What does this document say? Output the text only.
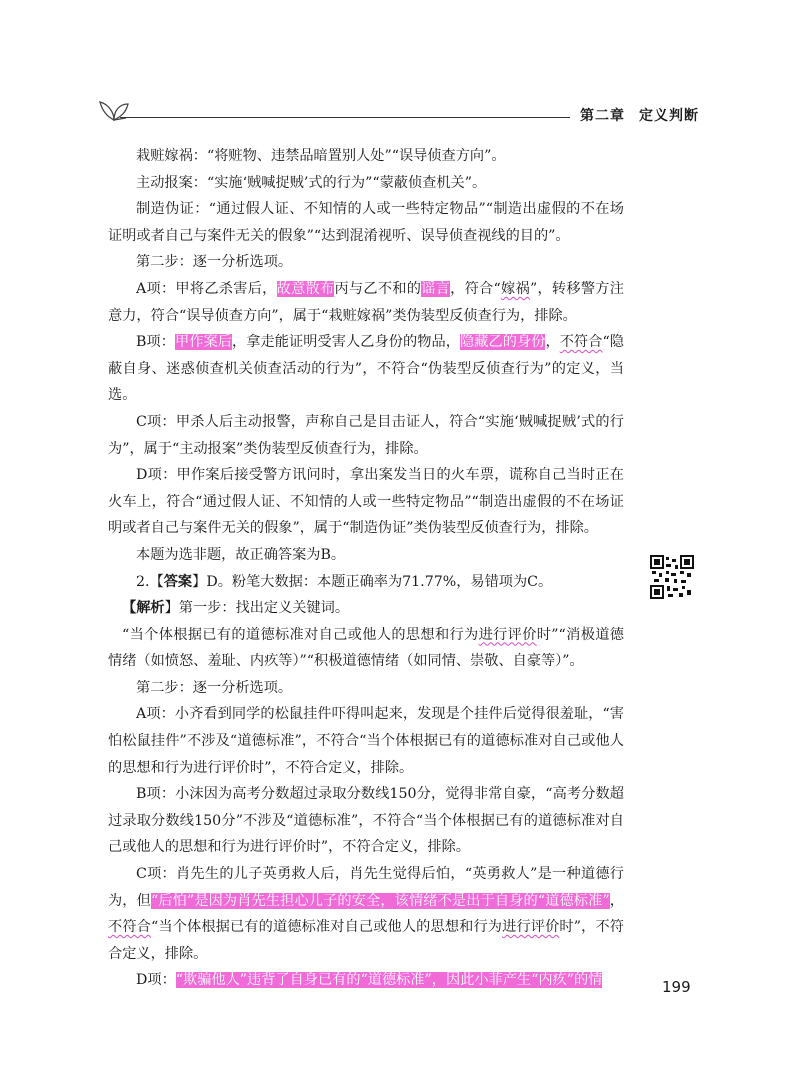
第二章 定义判断

栽赃嫁祸：“将赃物、违禁品暗置别人处”“误导侦查方向”。

主动报案：“实施‘贼喊捉贼’式的行为”“蒙蔽侦查机关”。

制造伪证：“通过假人证、不知情的人或一些特定物品”“制造出虚假的不在场证明或者自己与案件无关的假象”“达到混淆视听、误导侦查视线的目的”。

第二步：逐一分析选项。

A项：甲将乙杀害后，故意散布丙与乙不和的谣言，符合“嫁祸”，转移警方注意力，符合“误导侦查方向”，属于“栽赃嫁祸”类伪装型反侦查行为，排除。

B项：甲作案后，拿走能证明受害人乙身份的物品，隐藏乙的身份，不符合“隐蔽自身、迷惑侦查机关侦查活动的行为”，不符合“伪装型反侦查行为”的定义，当选。

C项：甲杀人后主动报警，声称自己是目击证人，符合“实施‘贼喊捉贼’式的行为”，属于“主动报案”类伪装型反侦查行为，排除。

D项：甲作案后接受警方讯问时，拿出案发当日的火车票，谎称自己当时正在火车上，符合“通过假人证、不知情的人或一些特定物品”“制造出虚假的不在场证明或者自己与案件无关的假象”，属于“制造伪证”类伪装型反侦查行为，排除。

本题为选非题，故正确答案为B。

2.【答案】D。粉笔大数据：本题正确率为71.77%，易错项为C。

【解析】第一步：找出定义关键词。

“当个体根据已有的道德标准对自己或他人的思想和行为进行评价时”“消极道德情绪（如愤怒、羞耻、内疚等）”“积极道德情绪（如同情、崇敬、自豪等）”。

第二步：逐一分析选项。

A项：小齐看到同学的松鼠挂件吓得叫起来，发现是个挂件后觉得很羞耻，“害怕松鼠挂件”不涉及“道德标准”，不符合“当个体根据已有的道德标准对自己或他人的思想和行为进行评价时”，不符合定义，排除。

B项：小沫因为高考分数超过录取分数线150分，觉得非常自豪，“高考分数超过录取分数线150分”不涉及“道德标准”，不符合“当个体根据已有的道德标准对自己或他人的思想和行为进行评价时”，不符合定义，排除。

C项：肖先生的儿子英勇救人后，肖先生觉得后怕，“英勇救人”是一种道德行为，但“后怕”是因为肖先生担心儿子的安全，该情绪不是出于自身的“道德标准”，不符合“当个体根据已有的道德标准对自己或他人的思想和行为进行评价时”，不符合定义，排除。

D项：“欺骗他人”违背了自身已有的“道德标准”，因此小菲产生“内疚”的情	199
